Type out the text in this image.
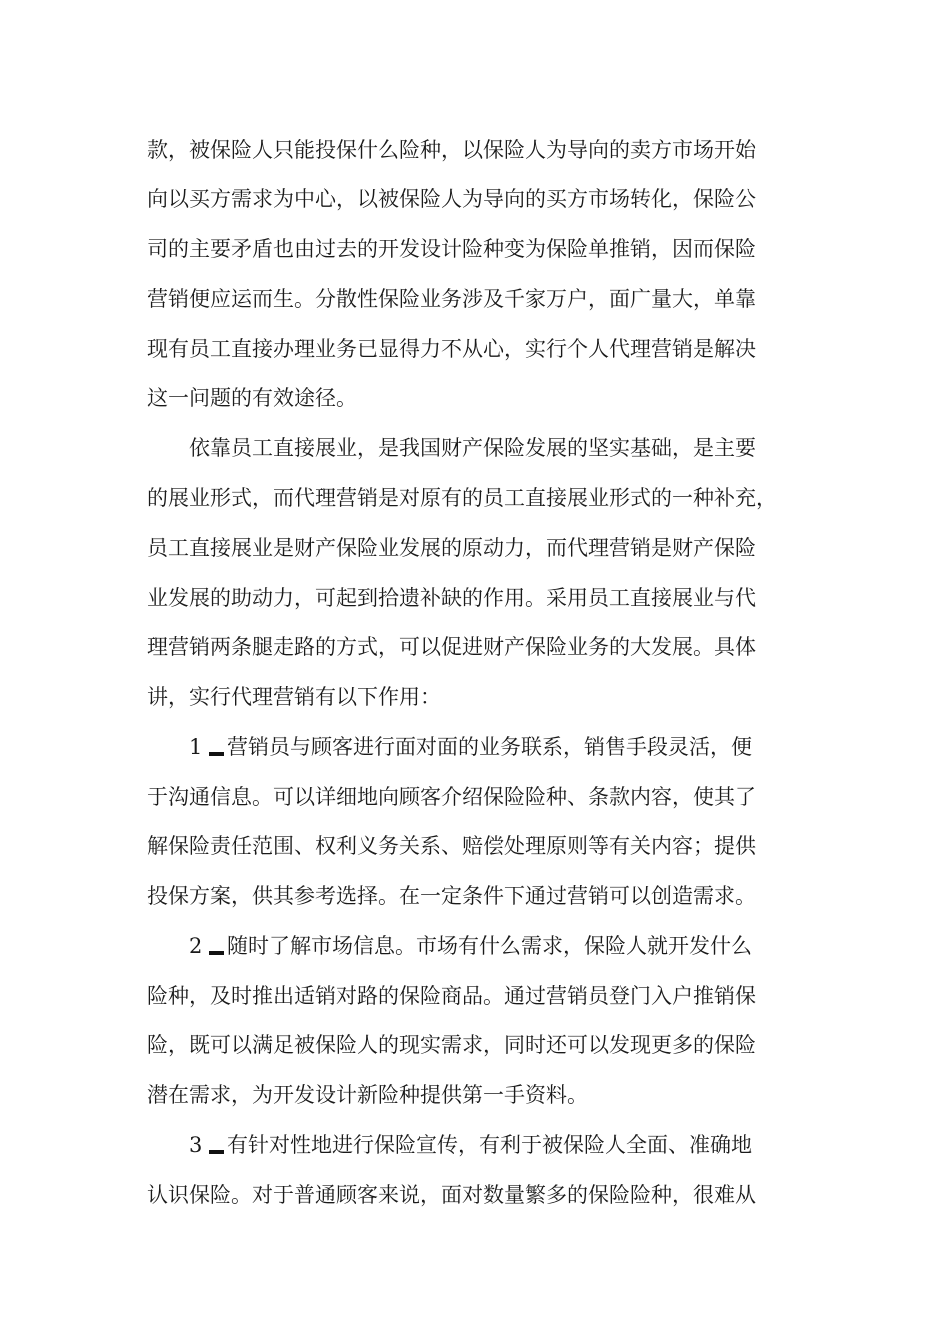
款，被保险人只能投保什么险种，以保险人为导向的卖方市场开始
向以买方需求为中心，以被保险人为导向的买方市场转化，保险公
司的主要矛盾也由过去的开发设计险种变为保险单推销，因而保险
营销便应运而生。分散性保险业务涉及千家万户，面广量大，单靠
现有员工直接办理业务已显得力不从心，实行个人代理营销是解决
这一问题的有效途径。
依靠员工直接展业，是我国财产保险发展的坚实基础，是主要
的展业形式，而代理营销是对原有的员工直接展业形式的一种补充，
员工直接展业是财产保险业发展的原动力，而代理营销是财产保险
业发展的助动力，可起到拾遗补缺的作用。采用员工直接展业与代
理营销两条腿走路的方式，可以促进财产保险业务的大发展。具体
讲，实行代理营销有以下作用：
1 营销员与顾客进行面对面的业务联系，销售手段灵活，便
于沟通信息。可以详细地向顾客介绍保险险种、条款内容，使其了
解保险责任范围、权利义务关系、赔偿处理原则等有关内容；提供
投保方案，供其参考选择。在一定条件下通过营销可以创造需求。
2 随时了解市场信息。市场有什么需求，保险人就开发什么
险种，及时推出适销对路的保险商品。通过营销员登门入户推销保
险，既可以满足被保险人的现实需求，同时还可以发现更多的保险
潜在需求，为开发设计新险种提供第一手资料。
3 有针对性地进行保险宣传，有利于被保险人全面、准确地
认识保险。对于普通顾客来说，面对数量繁多的保险险种，很难从
